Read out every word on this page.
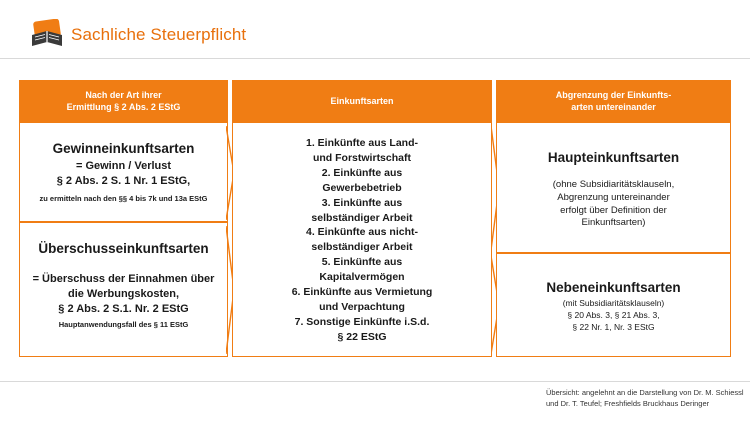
Sachliche Steuerpflicht
Nach der Art ihrer
Ermittlung § 2 Abs. 2 EStG
Gewinneinkunftsarten
= Gewinn / Verlust
§ 2 Abs. 2 S. 1 Nr. 1 EStG,
zu ermitteln nach den §§ 4 bis 7k und 13a EStG
Überschusseinkunftsarten
= Überschuss der Einnahmen über
die Werbungskosten,
§ 2 Abs. 2 S.1. Nr. 2 EStG
Hauptanwendungsfall des § 11 EStG
Einkunftsarten
1. Einkünfte aus Land-
und Forstwirtschaft
2. Einkünfte aus
Gewerbebetrieb
3. Einkünfte aus
selbständiger Arbeit
4. Einkünfte aus nicht-
selbständiger Arbeit
5. Einkünfte aus
Kapitalvermögen
6. Einkünfte aus Vermietung
und Verpachtung
7. Sonstige Einkünfte i.S.d.
§ 22 EStG
Abgrenzung der Einkunfts-
arten untereinander
Haupteinkunftsarten
(ohne Subsidiaritätsklauseln,
Abgrenzung untereinander
erfolgt über Definition der
Einkunftsarten)
Nebeneinkunftsarten
(mit Subsidiaritätsklauseln)
§ 20 Abs. 3, § 21 Abs. 3,
§ 22 Nr. 1, Nr. 3 EStG
Übersicht: angelehnt an die Darstellung von Dr. M. Schiessl
und Dr. T. Teufel; Freshfields Bruckhaus Deringer
